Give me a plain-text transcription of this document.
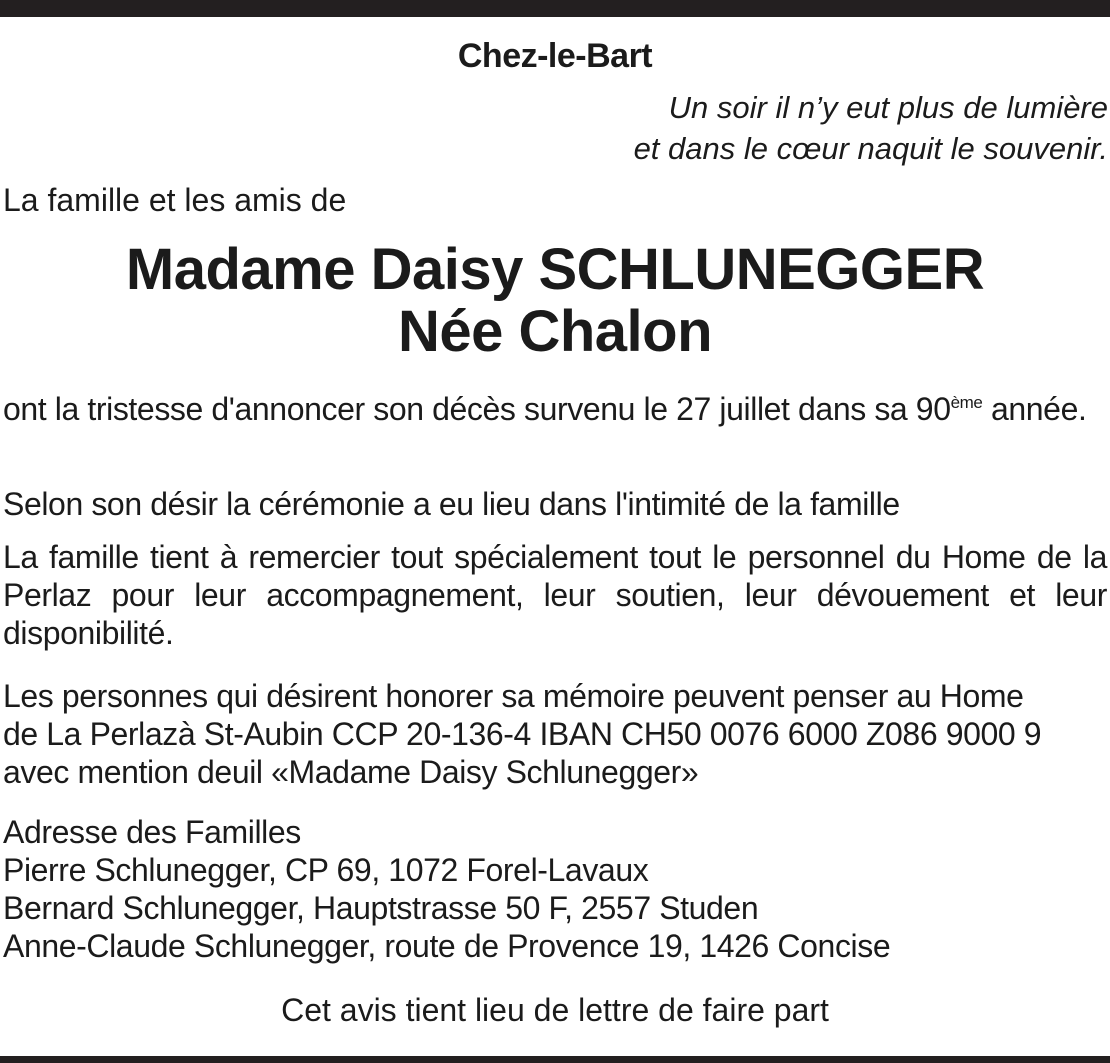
Chez-le-Bart
Un soir il n’y eut plus de lumière
et dans le cœur naquit le souvenir.
La famille et les amis de
Madame Daisy SCHLUNEGGER
Née Chalon
ont la tristesse d'annoncer son décès survenu le 27 juillet dans sa 90ème année.
Selon son désir la cérémonie a eu lieu dans l'intimité de la famille
La famille tient à remercier tout spécialement tout le personnel du Home de la Perlaz pour leur accompagnement, leur soutien, leur dévouement et leur disponibilité.
Les personnes qui désirent honorer sa mémoire peuvent penser au Home
de La Perlazà St-Aubin CCP 20-136-4 IBAN CH50 0076 6000 Z086 9000 9
avec mention deuil «Madame Daisy Schlunegger»
Adresse des Familles
Pierre Schlunegger, CP 69, 1072 Forel-Lavaux
Bernard Schlunegger, Hauptstrasse 50 F, 2557 Studen
Anne-Claude Schlunegger, route de Provence 19, 1426 Concise
Cet avis tient lieu de lettre de faire part
